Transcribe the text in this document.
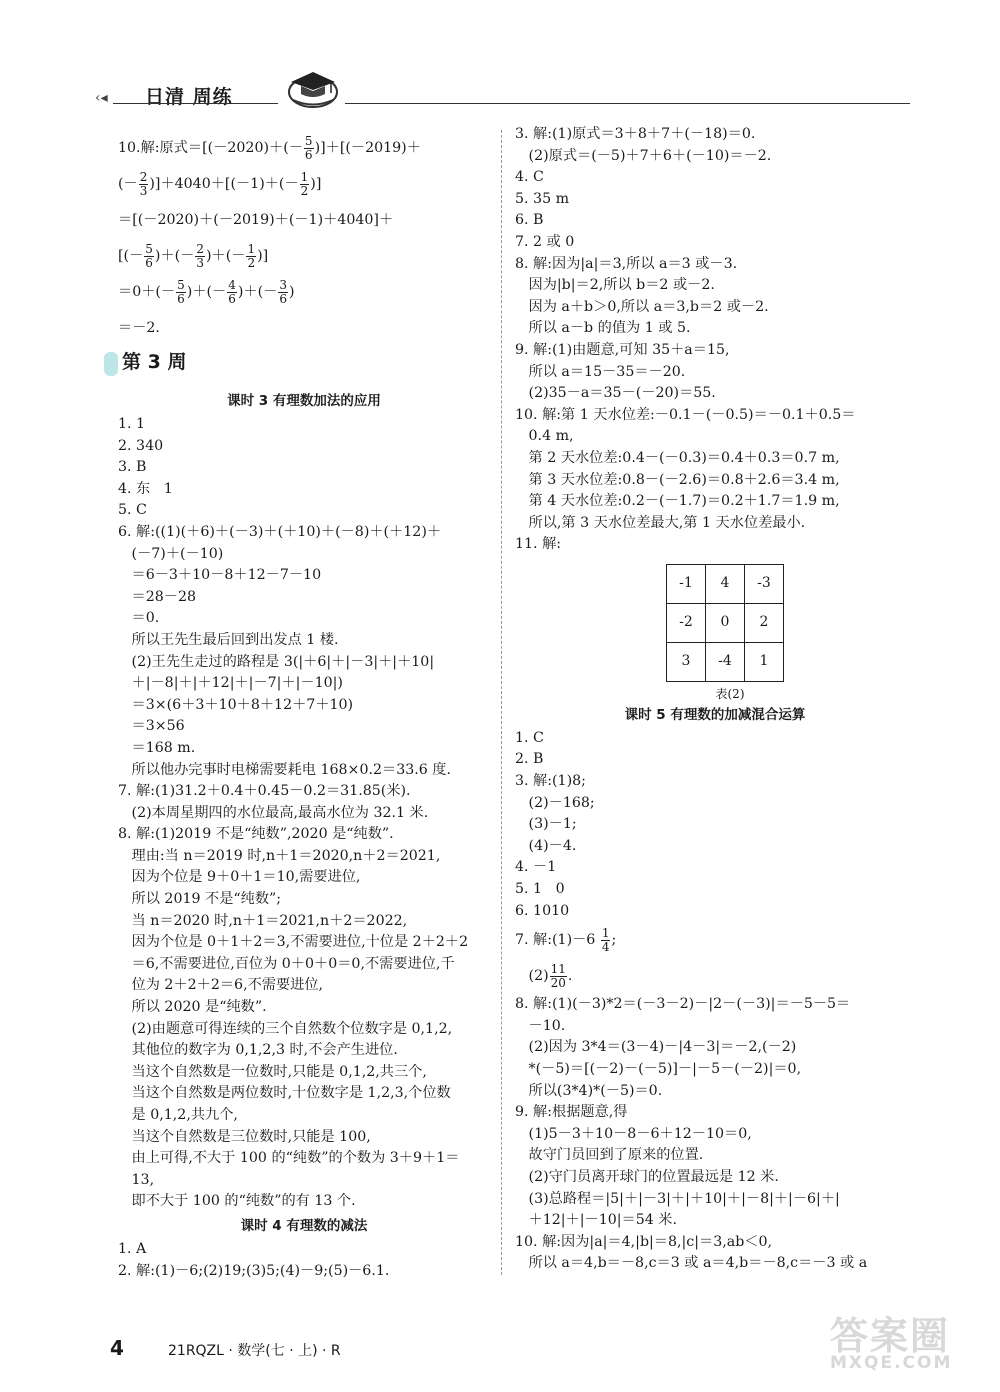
‹◂ 日清 周练
10.解:原式$=[(-2020)+(- \frac{5}{6} )]+[(-2019)+$
(－ $\frac{2}{3} )]+4040+[(-1)+(- \frac{1}{2}$ )]
＝[(－2020)＋(－2019)＋(－1)＋4040]＋
[(－ $\frac{5}{6}$ )＋(－ $\frac{2}{3}$ )＋(－ $\frac{1}{2}$ )]
$=0+(- \frac{5}{6}$ )＋(－ $\frac{4}{6}$ )＋(－ $\frac{3}{6}$ )
＝－2.
第 3 周
课时 3 有理数加法的应用
1. 1
2. 340
3. B
4. 东   1
5. C
6. 解:((1)(＋6)＋(－3)＋(＋10)＋(－8)＋(＋12)＋
(－7)＋(－10)
＝6－3＋10－8＋12－7－10
＝28－28
＝0.
所以王先生最后回到出发点 1 楼.
(2)王先生走过的路程是 3(|＋6|＋|－3|＋|＋10|
＋|－8|＋|＋12|＋|－7|＋|－10|)
＝3×(6＋3＋10＋8＋12＋7＋10)
＝3×56
＝168 m.
所以他办完事时电梯需要耗电 168×0.2＝33.6 度.
7. 解:(1)31.2＋0.4＋0.45－0.2＝31.85(米).
(2)本周星期四的水位最高,最高水位为 32.1 米.
8. 解:(1)2019 不是“纯数”,2020 是“纯数”.
理由:当 n＝2019 时,n＋1＝2020,n＋2＝2021,
因为个位是 9＋0＋1＝10,需要进位,
所以 2019 不是“纯数”;
当 n＝2020 时,n＋1＝2021,n＋2＝2022,
因为个位是 0＋1＋2＝3,不需要进位,十位是 2＋2＋2
＝6,不需要进位,百位为 0＋0＋0＝0,不需要进位,千
位为 2＋2＋2＝6,不需要进位,
所以 2020 是“纯数”.
(2)由题意可得连续的三个自然数个位数字是 0,1,2,
其他位的数字为 0,1,2,3 时,不会产生进位.
当这个自然数是一位数时,只能是 0,1,2,共三个,
当这个自然数是两位数时,十位数字是 1,2,3,个位数
是 0,1,2,共九个,
当这个自然数是三位数时,只能是 100,
由上可得,不大于 100 的“纯数”的个数为 3＋9＋1＝
13,
即不大于 100 的“纯数”的有 13 个.
课时 4 有理数的减法
1. A
2. 解:(1)－6;(2)19;(3)5;(4)－9;(5)－6.1.
3. 解:(1)原式＝3＋8＋7＋(－18)＝0.
(2)原式＝(－5)＋7＋6＋(－10)＝－2.
4. C
5. 35 m
6. B
7. 2 或 0
8. 解:因为|a|＝3,所以 a＝3 或－3.
因为|b|＝2,所以 b＝2 或－2.
因为 a＋b＞0,所以 a＝3,b＝2 或－2.
所以 a－b 的值为 1 或 5.
9. 解:(1)由题意,可知 35＋a＝15,
所以 a＝15－35＝－20.
(2)35－a＝35－(－20)＝55.
10. 解:第 1 天水位差:－0.1－(－0.5)＝－0.1＋0.5＝
0.4 m,
第 2 天水位差:0.4－(－0.3)＝0.4＋0.3＝0.7 m,
第 3 天水位差:0.8－(－2.6)＝0.8＋2.6＝3.4 m,
第 4 天水位差:0.2－(－1.7)＝0.2＋1.7＝1.9 m,
所以,第 3 天水位差最大,第 1 天水位差最小.
11. 解:
-1	4	-3
-2	0	2
3	-4	1
表(2)
课时 5 有理数的加减混合运算
1. C
2. B
3. 解:(1)8;
(2)－168;
(3)－1;
(4)－4.
4. －1
5. 1   0
6. 1010
7. 解:(1)－6 $\frac{1}{4}$ ;
$(2) \frac{11}{20}$ .
8. 解:(1)(－3)*2＝(－3－2)－|2－(－3)|＝－5－5＝
－10.
(2)因为 3*4＝(3－4)－|4－3|＝－2,(－2)
*(－5)＝[(－2)－(－5)]－|－5－(－2)|＝0,
所以(3*4)*(－5)＝0.
9. 解:根据题意,得
(1)5－3＋10－8－6＋12－10＝0,
故守门员回到了原来的位置.
(2)守门员离开球门的位置最远是 12 米.
(3)总路程＝|5|＋|－3|＋|＋10|＋|－8|＋|－6|＋|
＋12|＋|－10|＝54 米.
10. 解:因为|a|＝4,|b|＝8,|c|＝3,ab＜0,
所以 a＝4,b＝－8,c＝3 或 a＝4,b＝－8,c＝－3 或 a
4	21RQZL · 数学(七 · 上) · R	答案圈
MXQE.COM
